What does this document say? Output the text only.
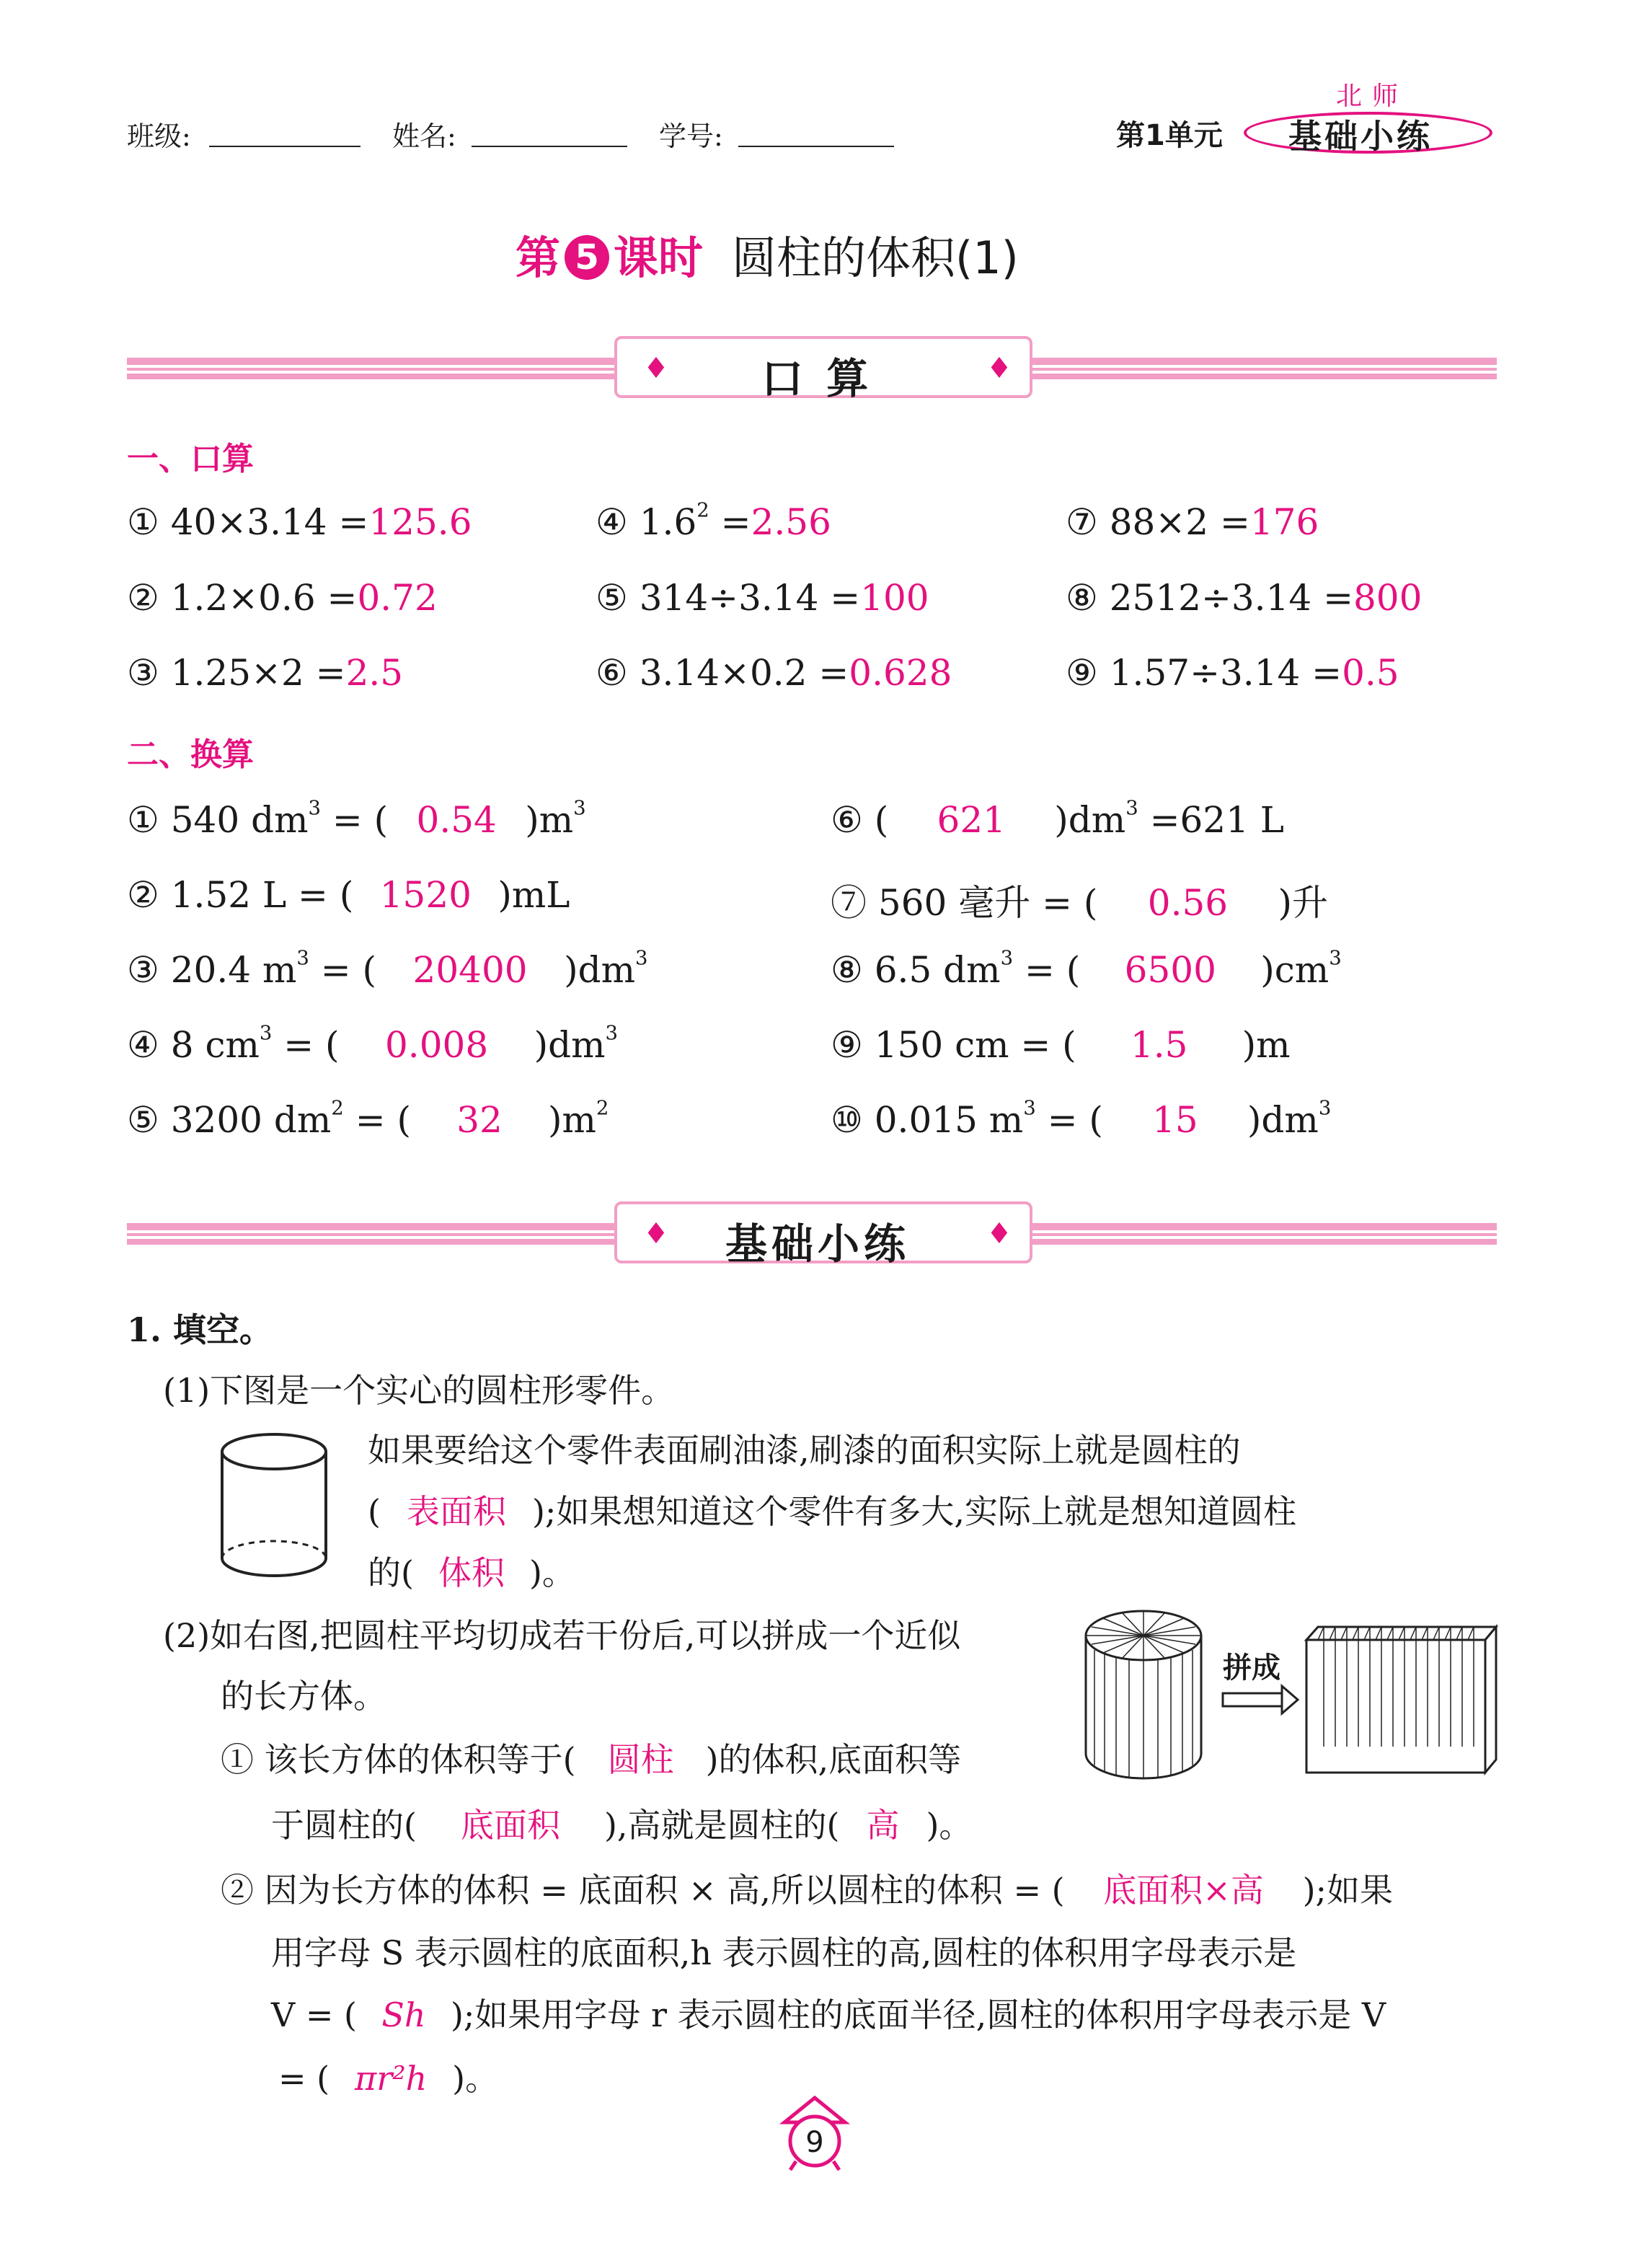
班级:	姓名:	学号:	第1单元
北师
基础小练
第 5 课时 圆柱的体积(1)
♦ 口 算	♦
一、口算
① 40×3.14 =125.6	④ $1.6^2 =2.56$	⑦ 88×2 =176
② 1.2×0.6 =0.72	⑤ 314÷3.14 =100	⑧ 2512÷3.14 =800
③ 1.25×2 =2.5	⑥ 3.14×0.2 =0.628	⑨ 1.57÷3.14 =0.5
二、换算
① 540 $dm^3$ = ( 0.54 )$m^3$
② 1.52 L = ( 1520 )mL
③ 20.4 $m^3$ = ( 20400 )$dm^3$
④ 8 $cm^3$ = ( 0.008 )$dm^3$
⑤ 3200 $dm^2$ = ( 32 )$m^2$
⑥ ( 621 )$dm^3 =621$ L
⑦ 560 毫升 = ( 0.56 )升
⑧ 6.5 $dm^3$ = ( 6500 )$cm^3$
⑨ 150 cm = ( 1.5 )m
⑩ 0.015 $m^3$ = ( 15 )$dm^3$
♦ 基础小练	♦
1. 填空。
(1)下图是一个实心的圆柱形零件。
如果要给这个零件表面刷油漆,刷漆的面积实际上就是圆柱的
( 表面积 );如果想知道这个零件有多大,实际上就是想知道圆柱
的( 体积 )。
(2)如右图,把圆柱平均切成若干份后,可以拼成一个近似
的长方体。
拼成
① 该长方体的体积等于( 圆柱 )的体积,底面积等
于圆柱的( 底面积 ),高就是圆柱的( 高 )。
② 因为长方体的体积 = 底面积 × 高,所以圆柱的体积 = ( 底面积×高 );如果
用字母 S 表示圆柱的底面积,h 表示圆柱的高,圆柱的体积用字母表示是
V = ( Sh );如果用字母 r 表示圆柱的底面半径,圆柱的体积用字母表示是 V
= ( πr²h )。
9
